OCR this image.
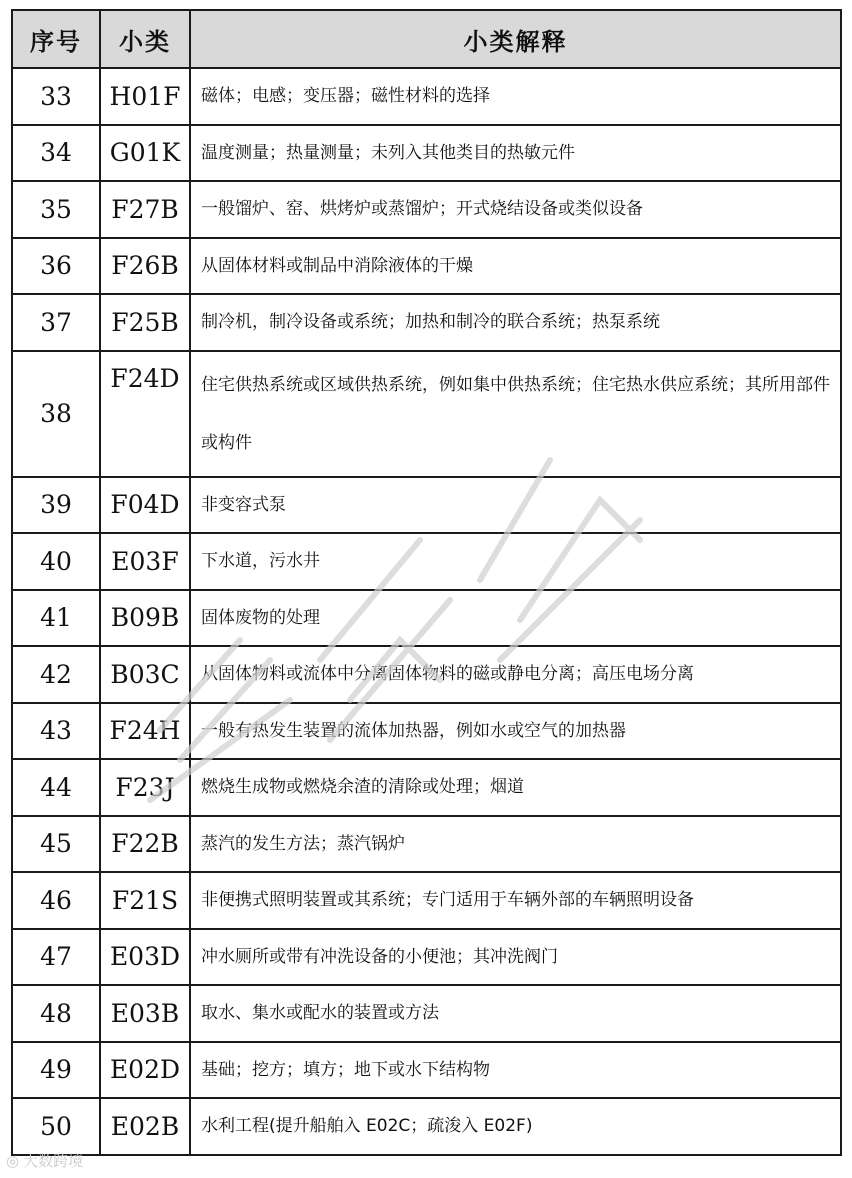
序号	小类	小类解释
33	H01F	磁体；电感；变压器；磁性材料的选择
34	G01K	温度测量；热量测量；未列入其他类目的热敏元件
35	F27B	一般馏炉、窑、烘烤炉或蒸馏炉；开式烧结设备或类似设备
36	F26B	从固体材料或制品中消除液体的干燥
37	F25B	制冷机，制冷设备或系统；加热和制冷的联合系统；热泵系统
38	F24D	住宅供热系统或区域供热系统，例如集中供热系统；住宅热水供应系统；其所用部件或构件
39	F04D	非变容式泵
40	E03F	下水道，污水井
41	B09B	固体废物的处理
42	B03C	从固体物料或流体中分离固体物料的磁或静电分离；高压电场分离
43	F24H	一般有热发生装置的流体加热器，例如水或空气的加热器
44	F23J	燃烧生成物或燃烧余渣的清除或处理；烟道
45	F22B	蒸汽的发生方法；蒸汽锅炉
46	F21S	非便携式照明装置或其系统；专门适用于车辆外部的车辆照明设备
47	E03D	冲水厕所或带有冲洗设备的小便池；其冲洗阀门
48	E03B	取水、集水或配水的装置或方法
49	E02D	基础；挖方；填方；地下或水下结构物
50	E02B	水利工程(提升船舶入 E02C；疏浚入 E02F)
◎ 大数跨境
